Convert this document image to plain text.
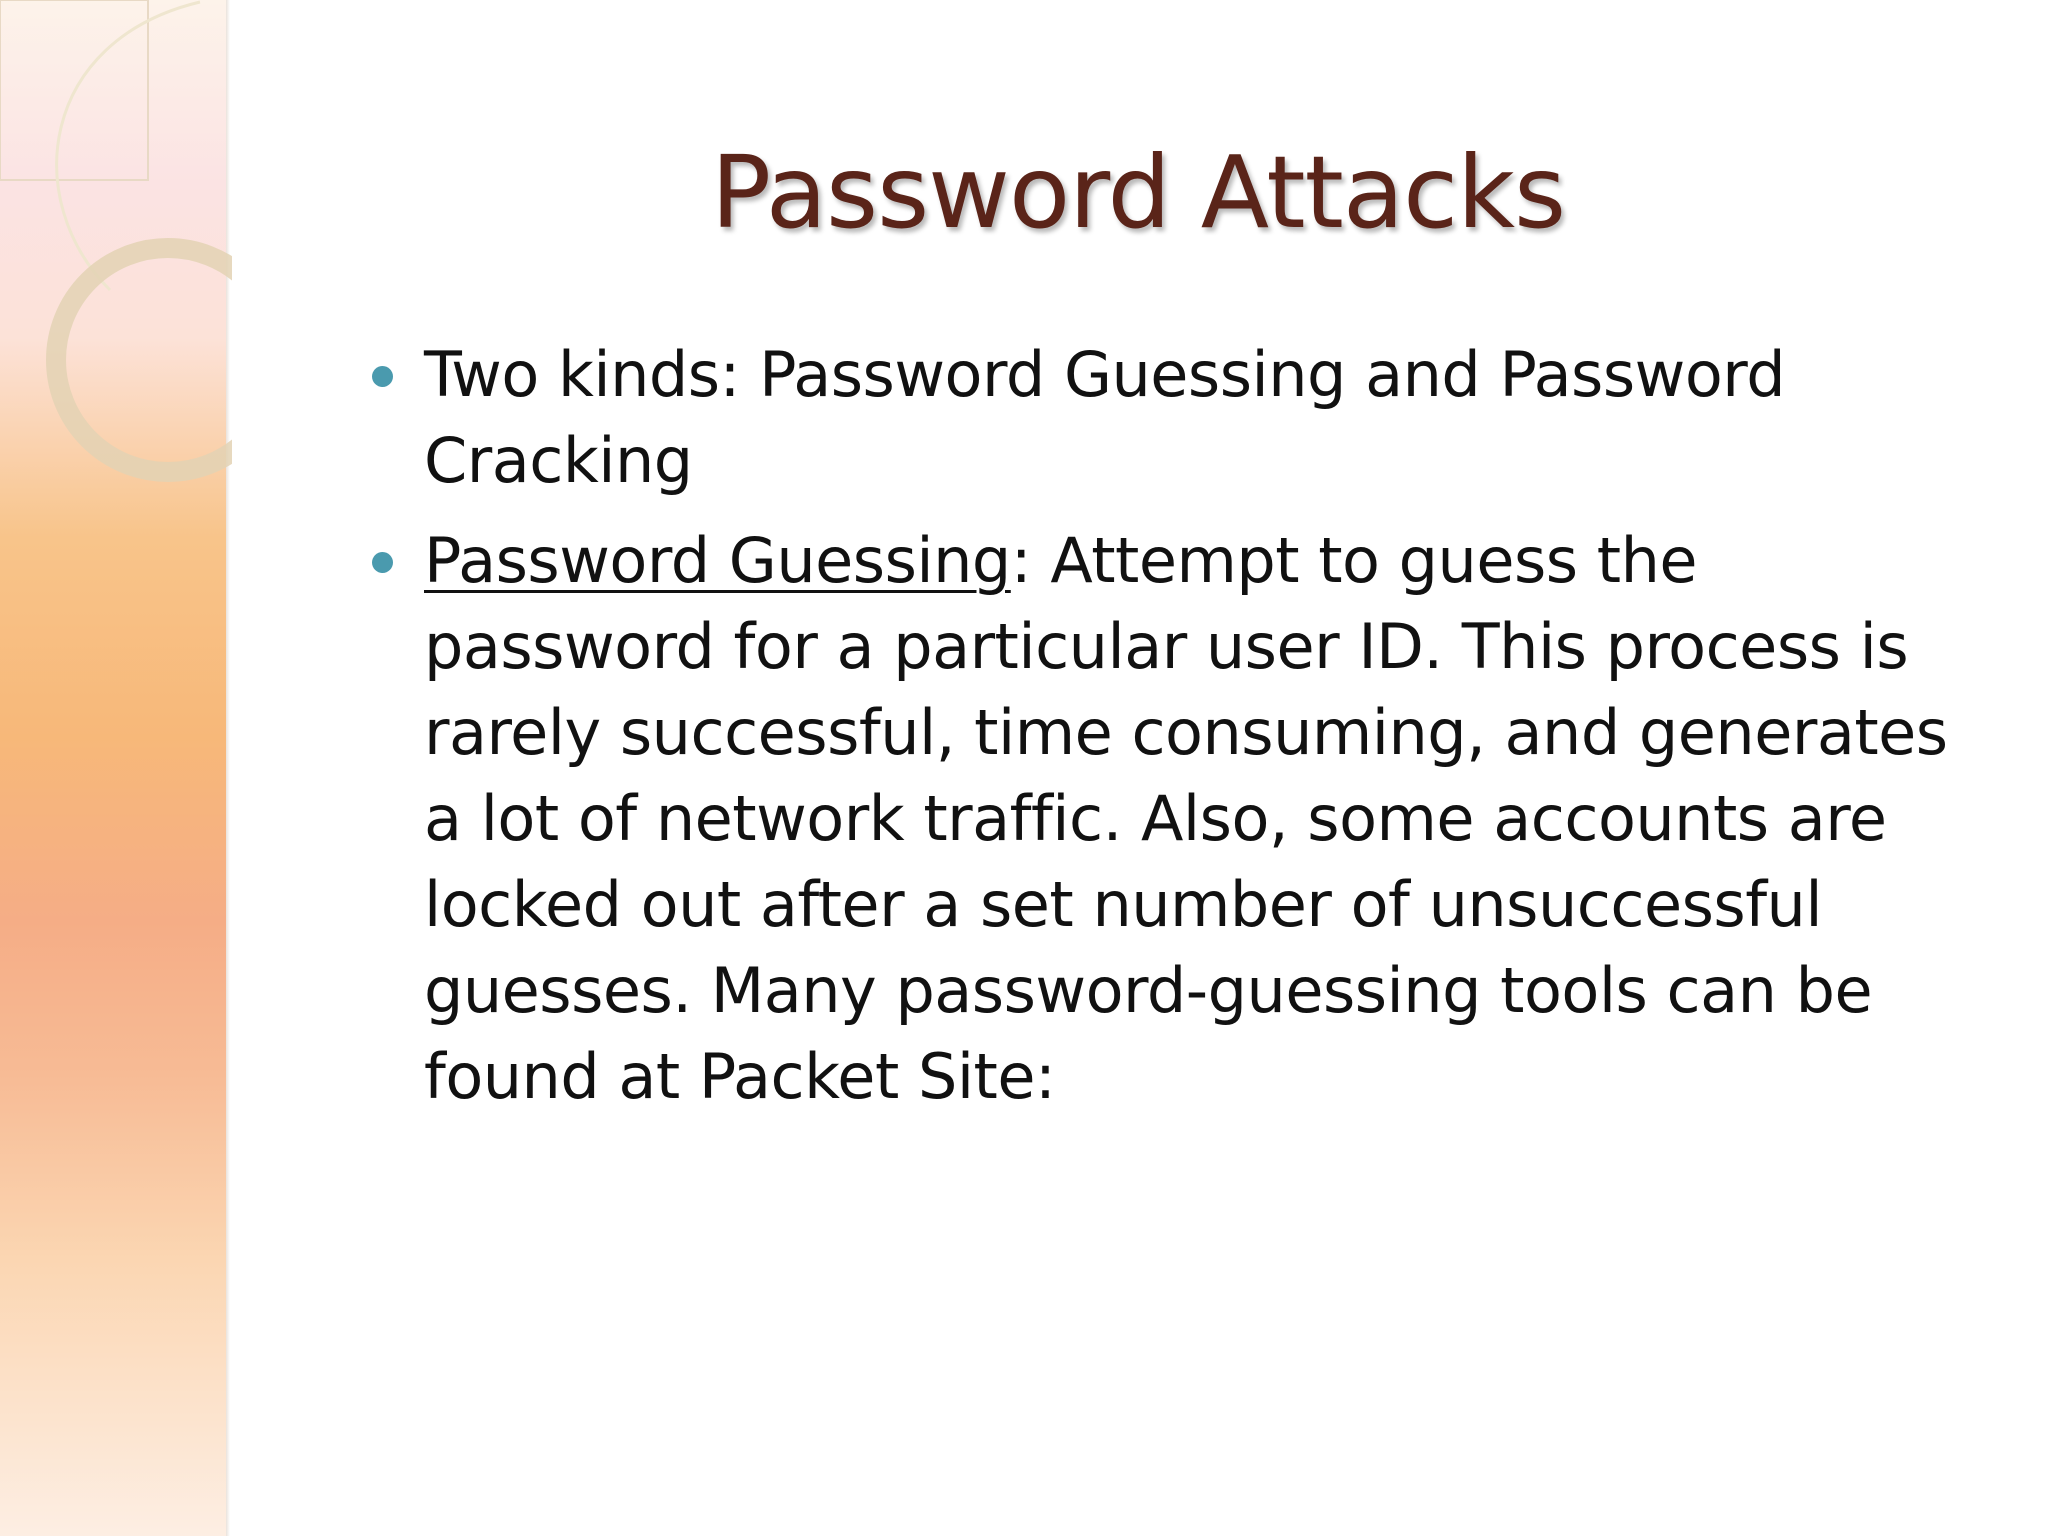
Password Attacks
Two kinds: Password Guessing and Password Cracking
Password Guessing: Attempt to guess the password for a particular user ID. This process is rarely successful, time consuming, and generates a lot of network traffic. Also, some accounts are locked out after a set number of unsuccessful guesses. Many password-guessing tools can be found at Packet Site:
